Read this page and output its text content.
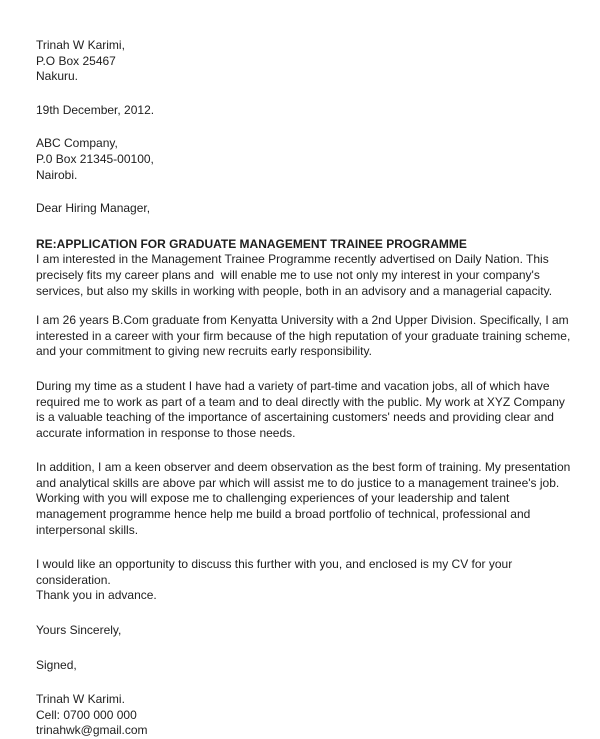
Trinah W Karimi,
P.O Box 25467
Nakuru.
19th December, 2012.
ABC Company,
P.0 Box 21345-00100,
Nairobi.
Dear Hiring Manager,
RE:APPLICATION FOR GRADUATE MANAGEMENT TRAINEE PROGRAMME
I am interested in the Management Trainee Programme recently advertised on Daily Nation. This
precisely fits my career plans and  will enable me to use not only my interest in your company's
services, but also my skills in working with people, both in an advisory and a managerial capacity.
I am 26 years B.Com graduate from Kenyatta University with a 2nd Upper Division. Specifically, I am
interested in a career with your firm because of the high reputation of your graduate training scheme,
and your commitment to giving new recruits early responsibility.
During my time as a student I have had a variety of part-time and vacation jobs, all of which have
required me to work as part of a team and to deal directly with the public. My work at XYZ Company
is a valuable teaching of the importance of ascertaining customers' needs and providing clear and
accurate information in response to those needs.
In addition, I am a keen observer and deem observation as the best form of training. My presentation
and analytical skills are above par which will assist me to do justice to a management trainee's job.
Working with you will expose me to challenging experiences of your leadership and talent
management programme hence help me build a broad portfolio of technical, professional and
interpersonal skills.
I would like an opportunity to discuss this further with you, and enclosed is my CV for your
consideration.
Thank you in advance.
Yours Sincerely,
Signed,
Trinah W Karimi.
Cell: 0700 000 000
trinahwk@gmail.com
